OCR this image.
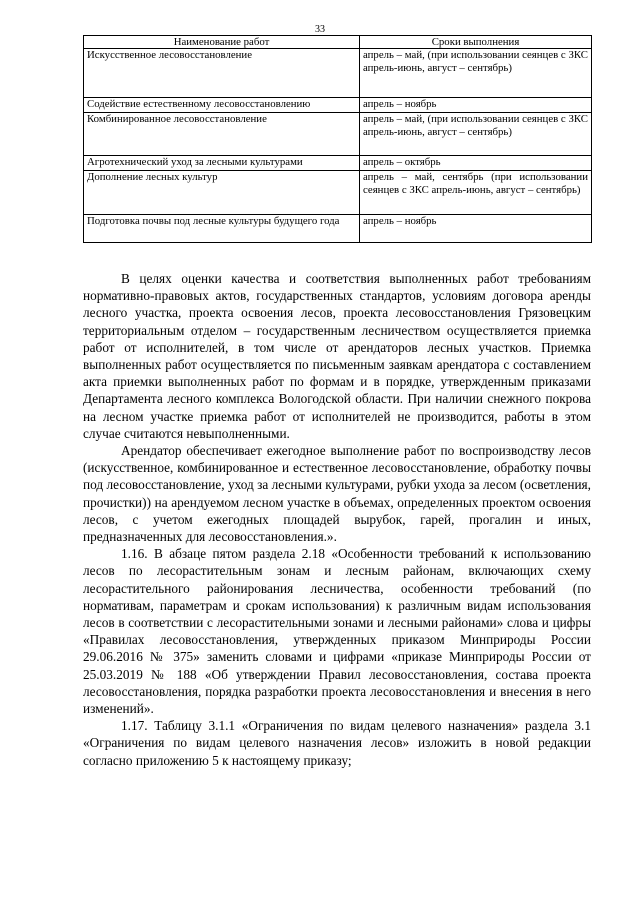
33
Наименование работ	Сроки выполнения
Искусственное лесовосстановление	апрель – май, (при использовании сеянцев с ЗКС апрель-июнь, август – сентябрь)
Содействие естественному лесовосстановлению	апрель – ноябрь
Комбинированное лесовосстановление	апрель – май, (при использовании сеянцев с ЗКС апрель-июнь, август – сентябрь)
Агротехнический уход за лесными культурами	апрель – октябрь
Дополнение лесных культур	апрель – май, сентябрь (при использовании сеянцев с ЗКС апрель-июнь, август – сентябрь)
Подготовка почвы под лесные культуры будущего года	апрель – ноябрь

В целях оценки качества и соответствия выполненных работ требованиям нормативно-правовых актов, государственных стандартов, условиям договора аренды лесного участка, проекта освоения лесов, проекта лесовосстановления Грязовецким территориальным отделом – государственным лесничеством осуществляется приемка работ от исполнителей, в том числе от арендаторов лесных участков. Приемка выполненных работ осуществляется по письменным заявкам арендатора с составлением акта приемки выполненных работ по формам и в порядке, утвержденным приказами Департамента лесного комплекса Вологодской области. При наличии снежного покрова на лесном участке приемка работ от исполнителей не производится, работы в этом случае считаются невыполненными.

Арендатор обеспечивает ежегодное выполнение работ по воспроизводству лесов (искусственное, комбинированное и естественное лесовосстановление, обработку почвы под лесовосстановление, уход за лесными культурами, рубки ухода за лесом (осветления, прочистки)) на арендуемом лесном участке в объемах, определенных проектом освоения лесов, с учетом ежегодных площадей вырубок, гарей, прогалин и иных, предназначенных для лесовосстановления.».

1.16. В абзаце пятом раздела 2.18 «Особенности требований к использованию лесов по лесорастительным зонам и лесным районам, включающих схему лесорастительного районирования лесничества, особенности требований (по нормативам, параметрам и срокам использования) к различным видам использования лесов в соответствии с лесорастительными зонами и лесными районами» слова и цифры «Правилах лесовосстановления, утвержденных приказом Минприроды России 29.06.2016 № 375» заменить словами и цифрами «приказе Минприроды России от 25.03.2019 № 188 «Об утверждении Правил лесовосстановления, состава проекта лесовосстановления, порядка разработки проекта лесовосстановления и внесения в него изменений».

1.17. Таблицу 3.1.1 «Ограничения по видам целевого назначения» раздела 3.1 «Ограничения по видам целевого назначения лесов» изложить в новой редакции согласно приложению 5 к настоящему приказу;
